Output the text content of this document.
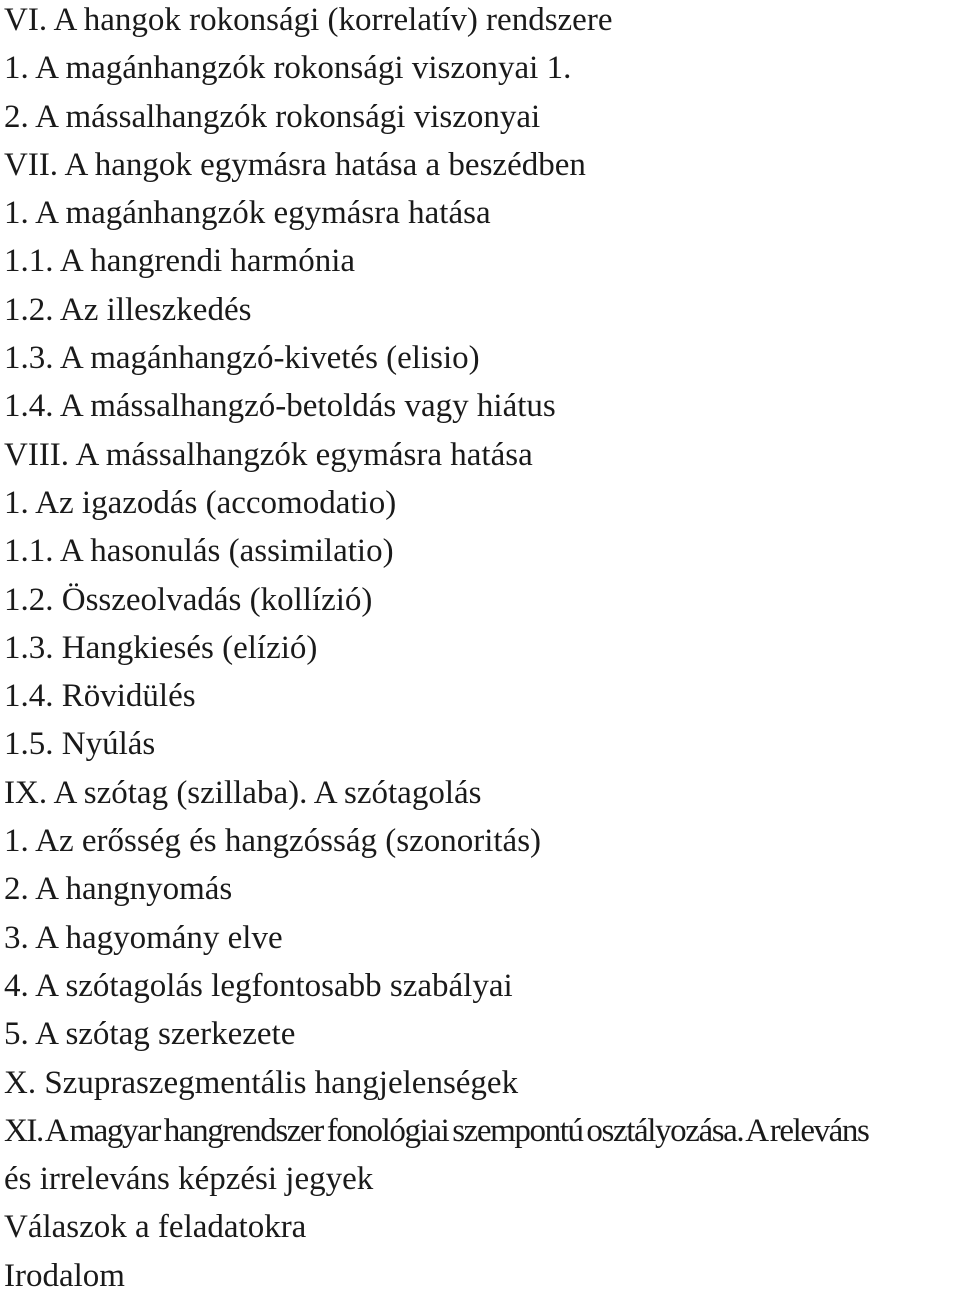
VI. A hangok rokonsági (korrelatív) rendszere
1. A magánhangzók rokonsági viszonyai 1.
2. A mássalhangzók rokonsági viszonyai
VII. A hangok egymásra hatása a beszédben
1. A magánhangzók egymásra hatása
1.1. A hangrendi harmónia
1.2. Az illeszkedés
1.3. A magánhangzó-kivetés (elisio)
1.4. A mássalhangzó-betoldás vagy hiátus
VIII. A mássalhangzók egymásra hatása
1. Az igazodás (accomodatio)
1.1. A hasonulás (assimilatio)
1.2. Összeolvadás (kollízió)
1.3. Hangkiesés (elízió)
1.4. Rövidülés
1.5. Nyúlás
IX. A szótag (szillaba). A szótagolás
1. Az erősség és hangzósság (szonoritás)
2. A hangnyomás
3. A hagyomány elve
4. A szótagolás legfontosabb szabályai
5. A szótag szerkezete
X. Szupraszegmentális hangjelenségek
XI. A magyar hangrendszer fonológiai szempontú osztályozása. A releváns
és irreleváns képzési jegyek
Válaszok a feladatokra
Irodalom
